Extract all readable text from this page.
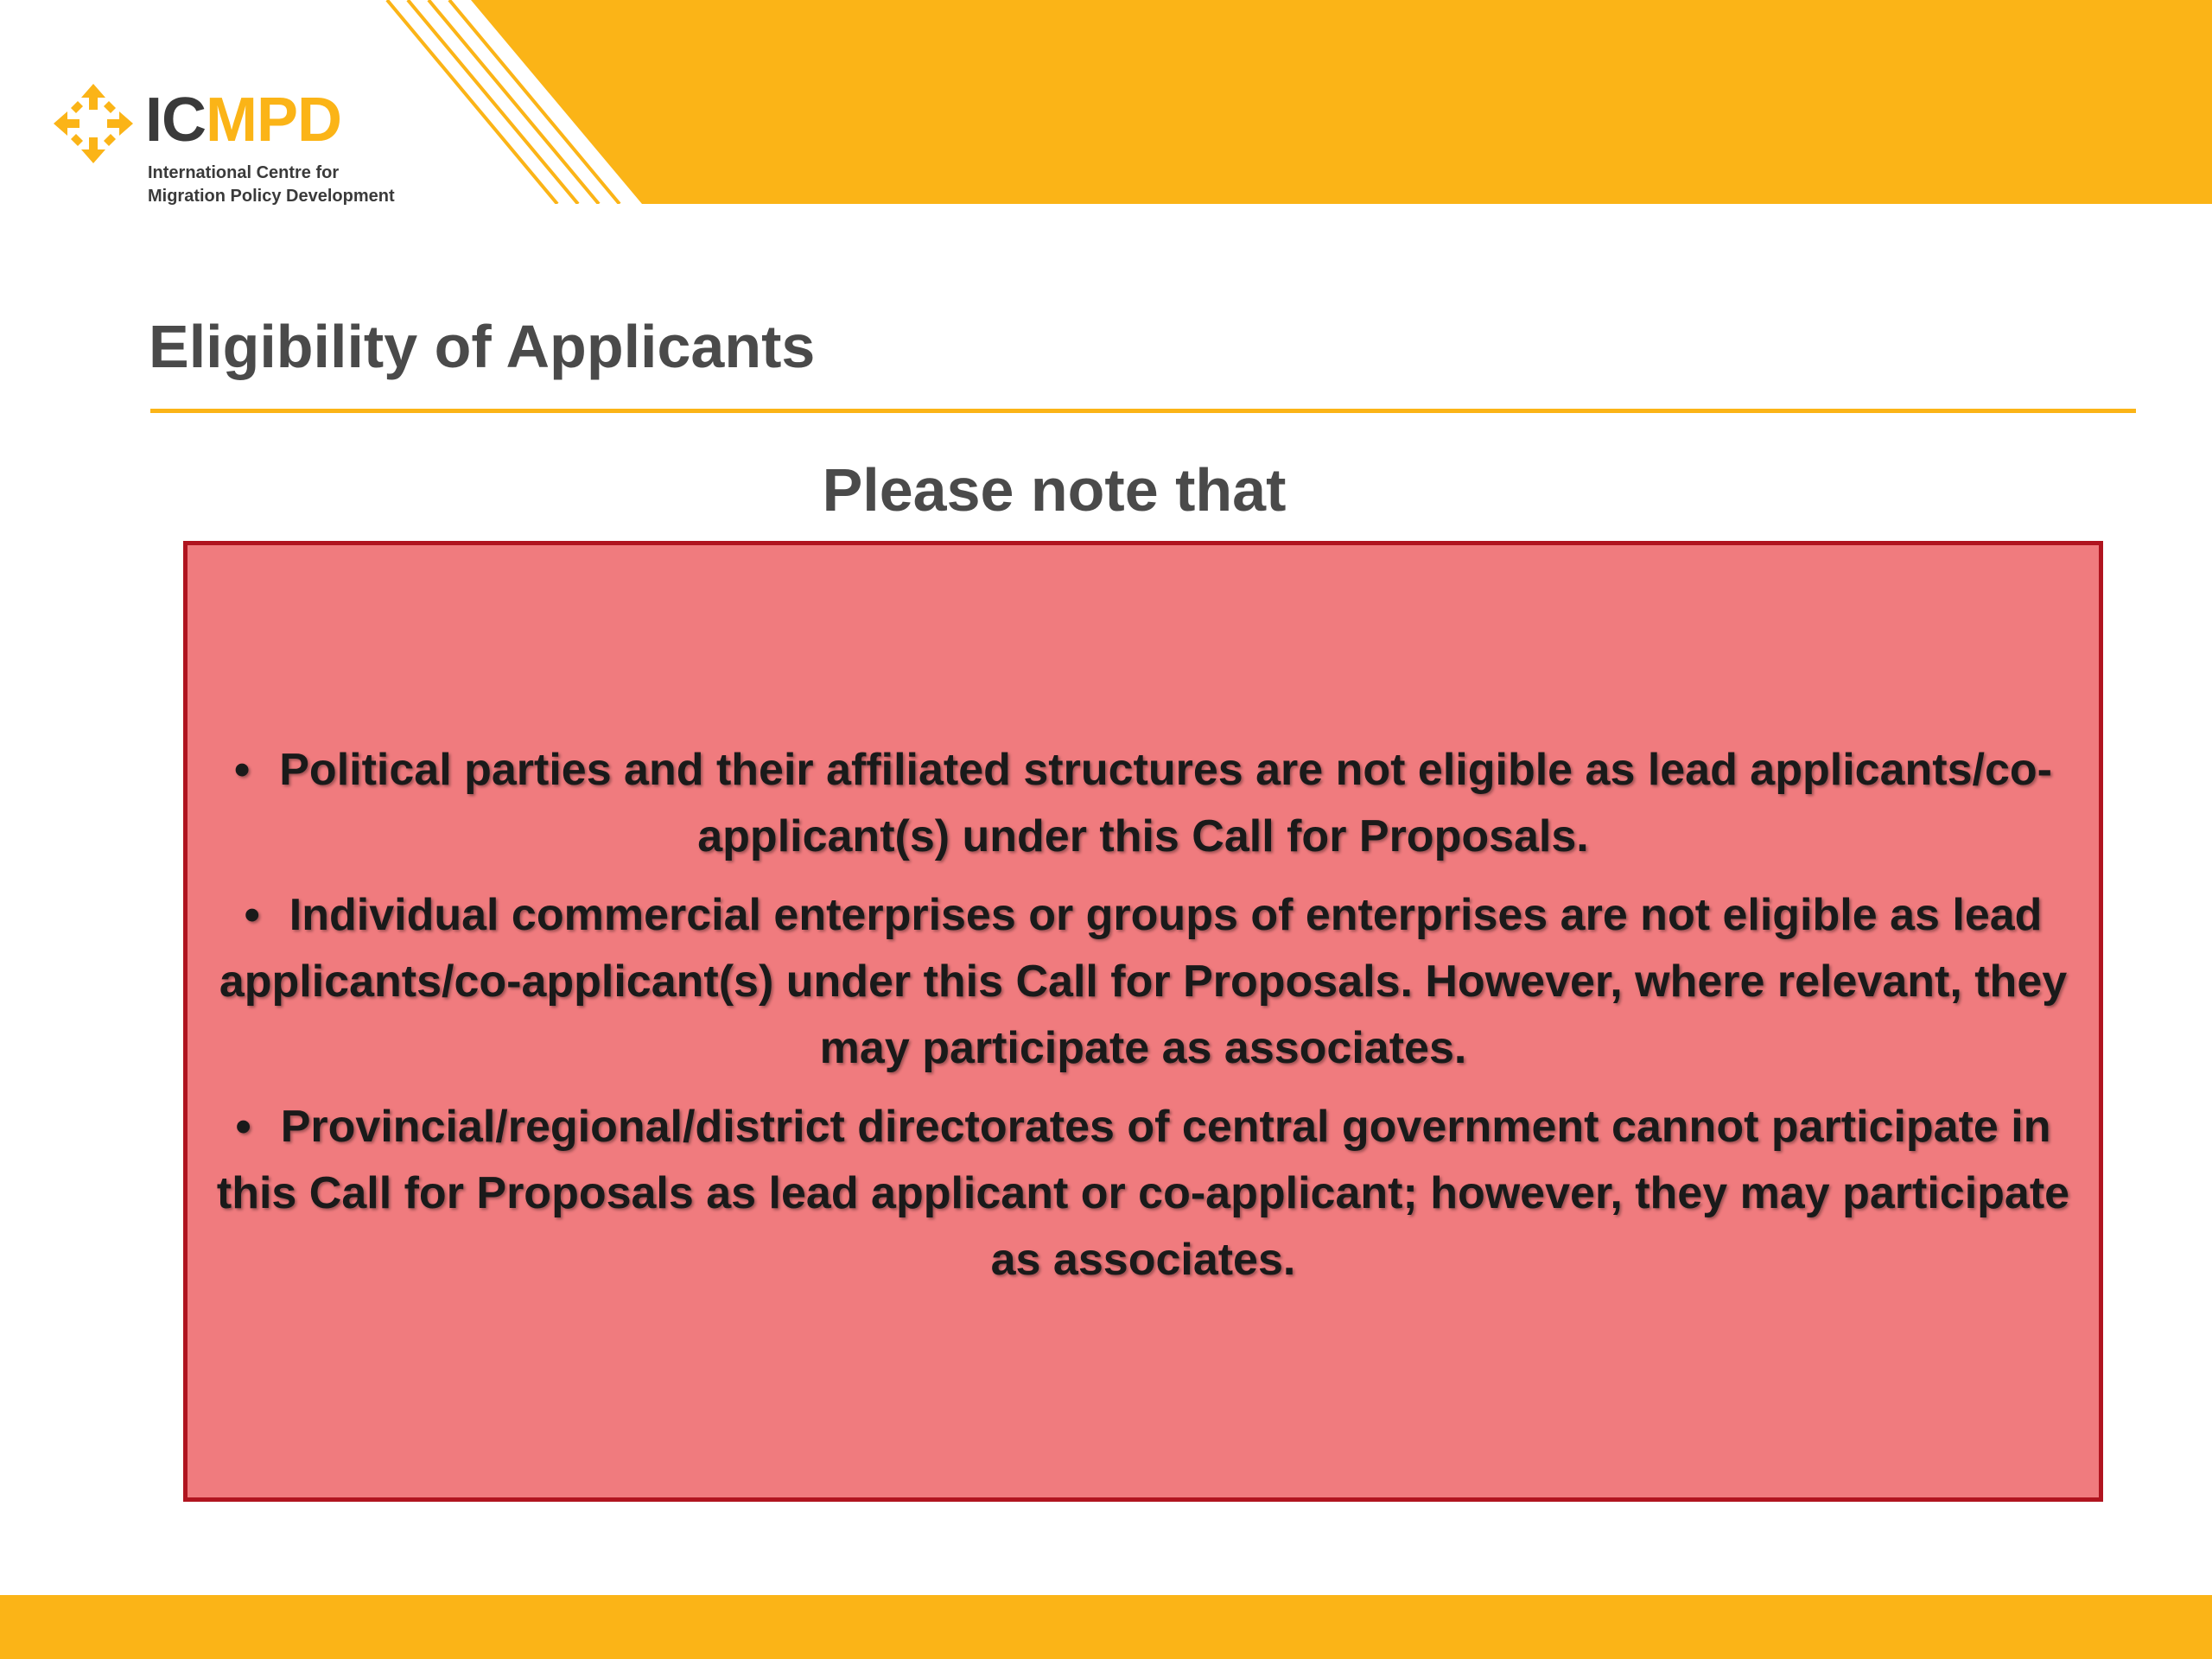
ICMPD
International Centre for
Migration Policy Development
Eligibility of Applicants
Please note that
• Political parties and their affiliated structures are not eligible as lead applicants/co-applicant(s) under this Call for Proposals.
• Individual commercial enterprises or groups of enterprises are not eligible as lead applicants/co-applicant(s) under this Call for Proposals. However, where relevant, they may participate as associates.
• Provincial/regional/district directorates of central government cannot participate in this Call for Proposals as lead applicant or co-applicant; however, they may participate as associates.
